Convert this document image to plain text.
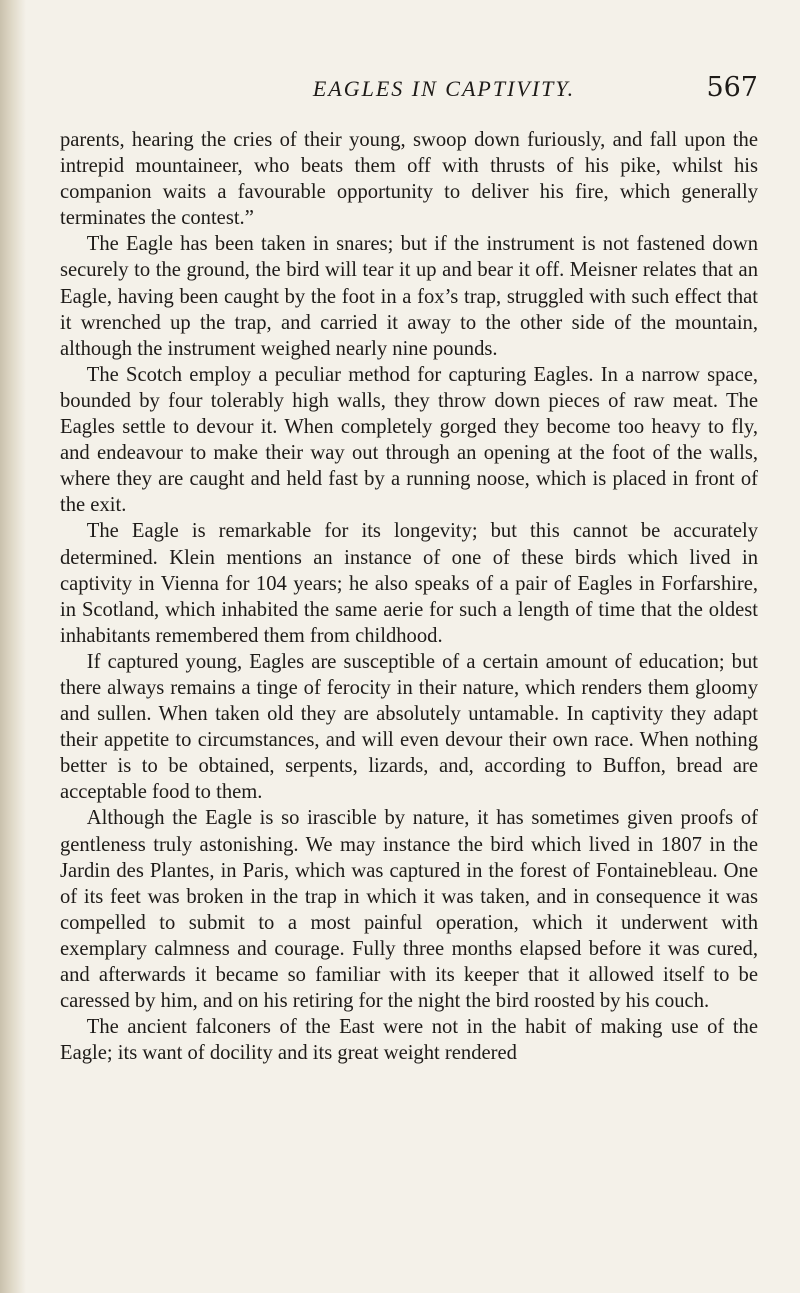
EAGLES IN CAPTIVITY.	567

parents, hearing the cries of their young, swoop down furiously, and fall upon the intrepid mountaineer, who beats them off with thrusts of his pike, whilst his companion waits a favourable opportunity to deliver his fire, which generally terminates the contest.”

The Eagle has been taken in snares; but if the instrument is not fastened down securely to the ground, the bird will tear it up and bear it off. Meisner relates that an Eagle, having been caught by the foot in a fox’s trap, struggled with such effect that it wrenched up the trap, and carried it away to the other side of the mountain, although the instrument weighed nearly nine pounds.

The Scotch employ a peculiar method for capturing Eagles. In a narrow space, bounded by four tolerably high walls, they throw down pieces of raw meat. The Eagles settle to devour it. When completely gorged they become too heavy to fly, and endeavour to make their way out through an opening at the foot of the walls, where they are caught and held fast by a running noose, which is placed in front of the exit.

The Eagle is remarkable for its longevity; but this cannot be accurately determined. Klein mentions an instance of one of these birds which lived in captivity in Vienna for 104 years; he also speaks of a pair of Eagles in Forfarshire, in Scotland, which inhabited the same aerie for such a length of time that the oldest inhabitants remembered them from childhood.

If captured young, Eagles are susceptible of a certain amount of education; but there always remains a tinge of ferocity in their nature, which renders them gloomy and sullen. When taken old they are absolutely untamable. In captivity they adapt their appetite to circumstances, and will even devour their own race. When nothing better is to be obtained, serpents, lizards, and, according to Buffon, bread are acceptable food to them.

Although the Eagle is so irascible by nature, it has sometimes given proofs of gentleness truly astonishing. We may instance the bird which lived in 1807 in the Jardin des Plantes, in Paris, which was captured in the forest of Fontainebleau. One of its feet was broken in the trap in which it was taken, and in consequence it was compelled to submit to a most painful operation, which it underwent with exemplary calmness and courage. Fully three months elapsed before it was cured, and afterwards it became so familiar with its keeper that it allowed itself to be caressed by him, and on his retiring for the night the bird roosted by his couch.

The ancient falconers of the East were not in the habit of making use of the Eagle; its want of docility and its great weight rendered
